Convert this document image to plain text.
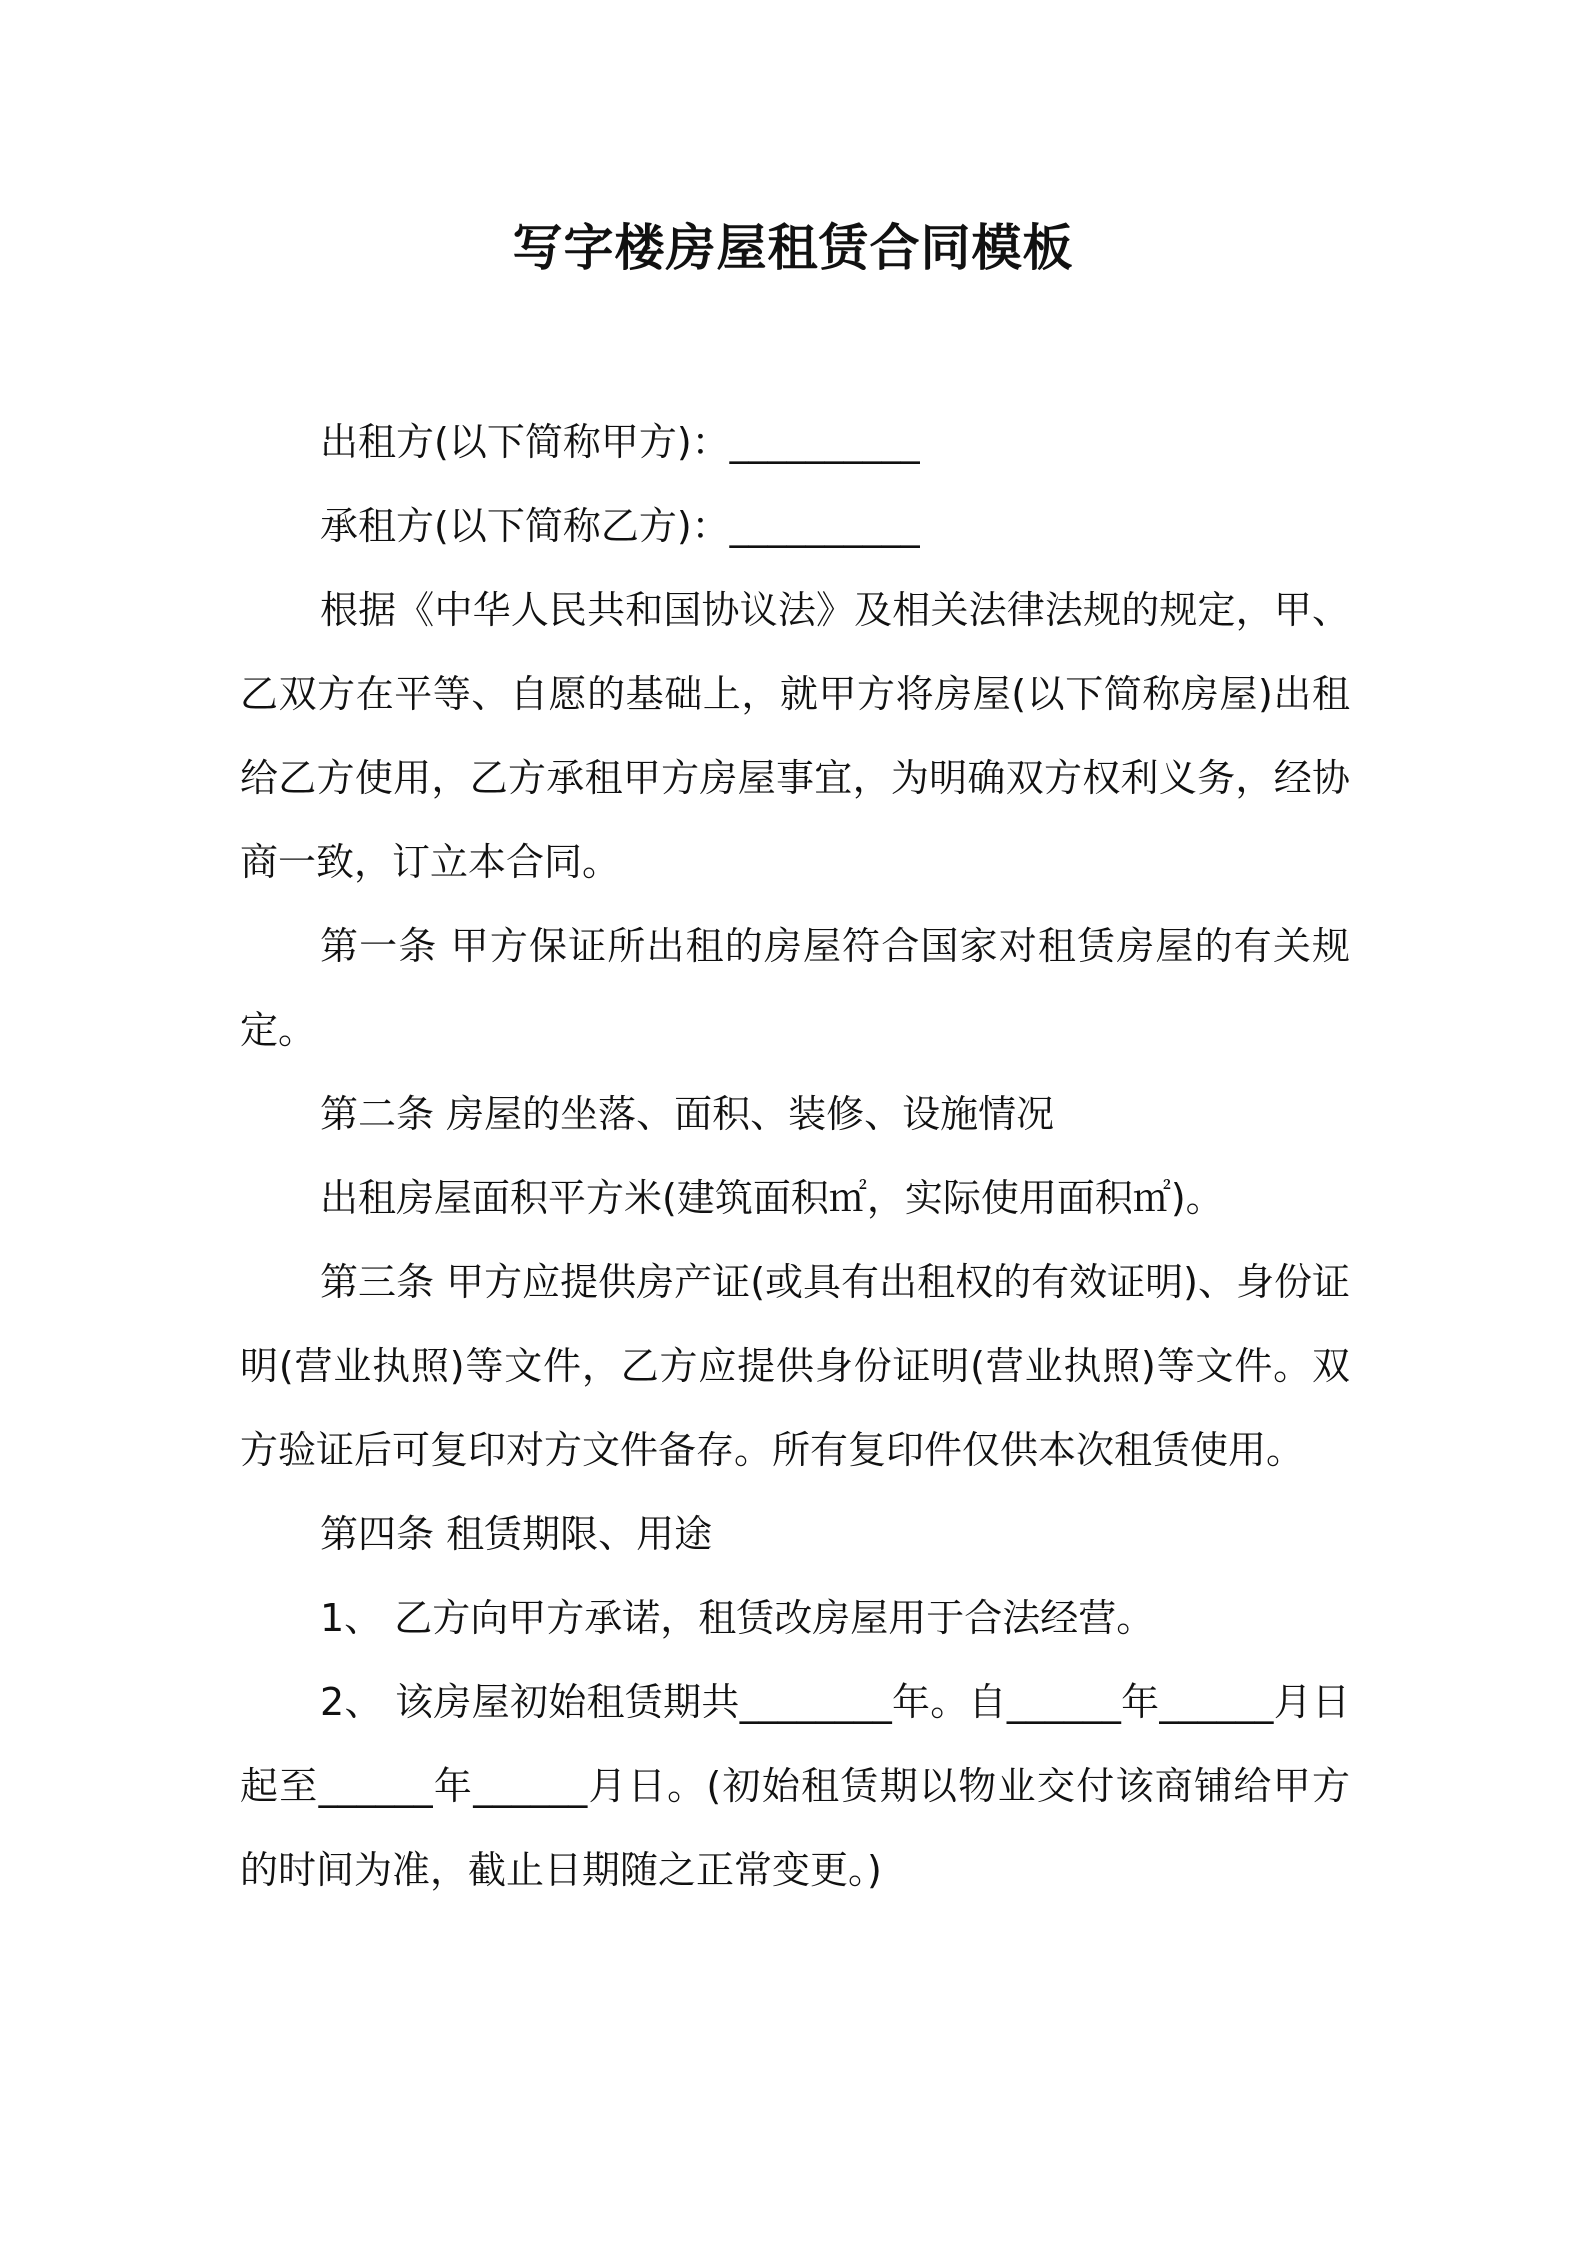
写字楼房屋租赁合同模板

出租方(以下简称甲方)：__________

承租方(以下简称乙方)：__________

根据《中华人民共和国协议法》及相关法律法规的规定，甲、乙双方在平等、自愿的基础上，就甲方将房屋(以下简称房屋)出租给乙方使用，乙方承租甲方房屋事宜，为明确双方权利义务，经协商一致，订立本合同。

第一条 甲方保证所出租的房屋符合国家对租赁房屋的有关规定。

第二条 房屋的坐落、面积、装修、设施情况

出租房屋面积平方米(建筑面积㎡，实际使用面积㎡)。

第三条 甲方应提供房产证(或具有出租权的有效证明)、身份证明(营业执照)等文件，乙方应提供身份证明(营业执照)等文件。双方验证后可复印对方文件备存。所有复印件仅供本次租赁使用。

第四条 租赁期限、用途

1、 乙方向甲方承诺，租赁改房屋用于合法经营。

2、 该房屋初始租赁期共________年。自______年______月日起至______年______月日。(初始租赁期以物业交付该商铺给甲方的时间为准，截止日期随之正常变更。)
